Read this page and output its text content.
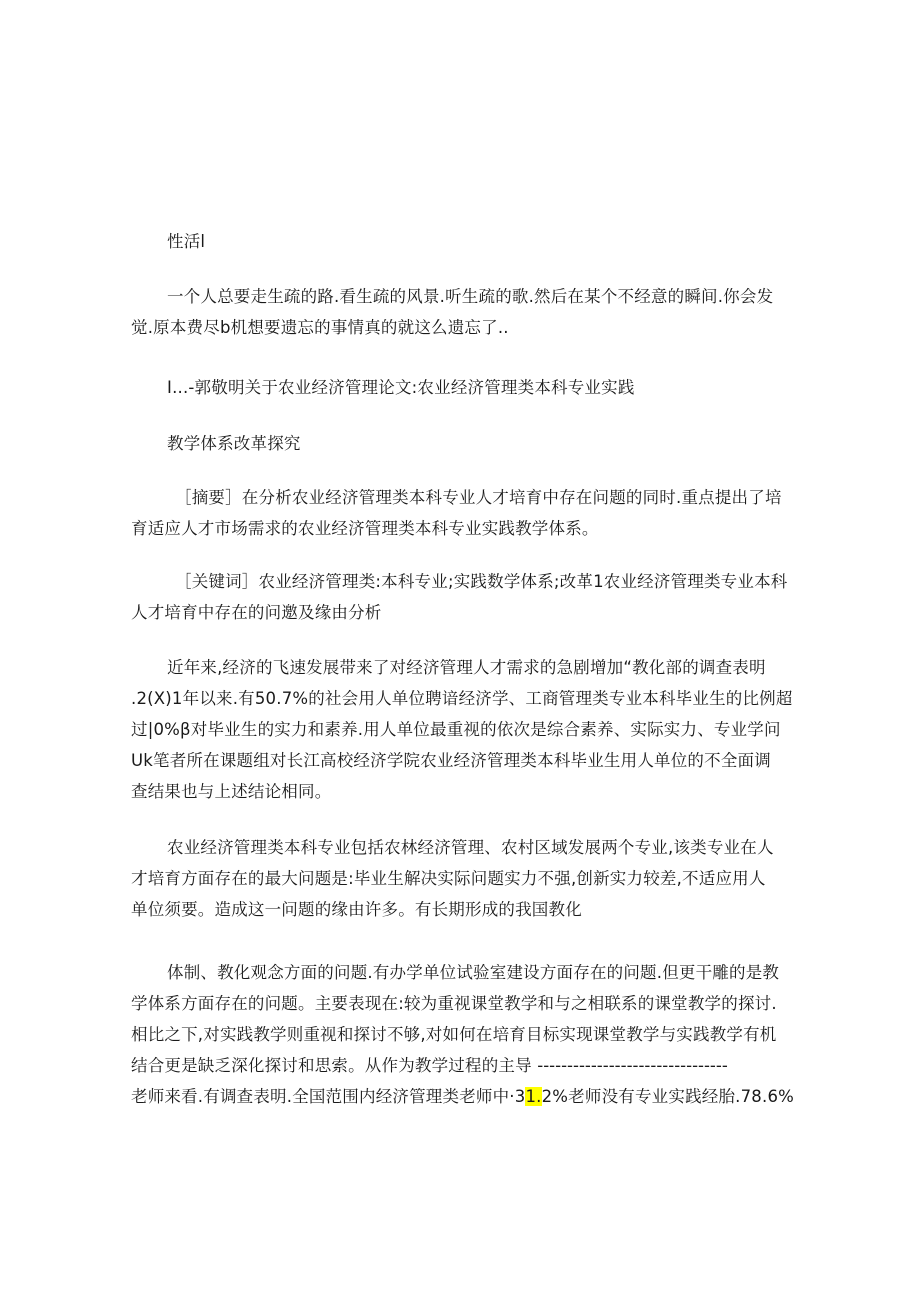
性活l
一个人总要走生疏的路.看生疏的风景.听生疏的歌.然后在某个不经意的瞬间.你会发
觉.原本费尽b机想要遗忘的事情真的就这么遗忘了..
I...-郭敬明关于农业经济管理论文:农业经济管理类本科专业实践
教学体系改革探究
［摘要］在分析农业经济管理类本科专业人才培育中存在问题的同时.重点提出了培
育适应人才市场需求的农业经济管理类本科专业实践教学体系。
［关键词］农业经济管理类:本科专业;实践数学体系;改革1农业经济管理类专业本科
人才培育中存在的问邀及缘由分析
近年来,经济的飞速发展带来了对经济管理人才需求的急剧增加“教化部的调查表明
.2(X)1年以来.有50.7%的社会用人单位聘谙经济学、工商管理类专业本科毕业生的比例超
过|0%β对毕业生的实力和素养.用人单位最重视的依次是综合素养、实际实力、专业学问
Uk笔者所在课题组对长江高校经济学院农业经济管理类本科毕业生用人单位的不全面调
查结果也与上述结论相同。
农业经济管理类本科专业包括农林经济管理、农村区域发展两个专业,该类专业在人
才培育方面存在的最大问题是:毕业生解决实际问题实力不强,创新实力较差,不适应用人
单位须要。造成这一问题的缘由许多。有长期形成的我国教化
体制、教化观念方面的问题.有办学单位试验室建设方面存在的问题.但更干雕的是教
学体系方面存在的问题。主要表现在:较为重视课堂教学和与之相联系的课堂教学的探讨.
相比之下,对实践教学则重视和探讨不够,对如何在培育目标实现课堂教学与实践教学有机
结合更是缺乏深化探讨和思索。从作为教学过程的主导 --------------------------------
老师来看.有调查表明.全国范围内经济管理类老师中·31.2%老师没有专业实践经胎.78.6%
